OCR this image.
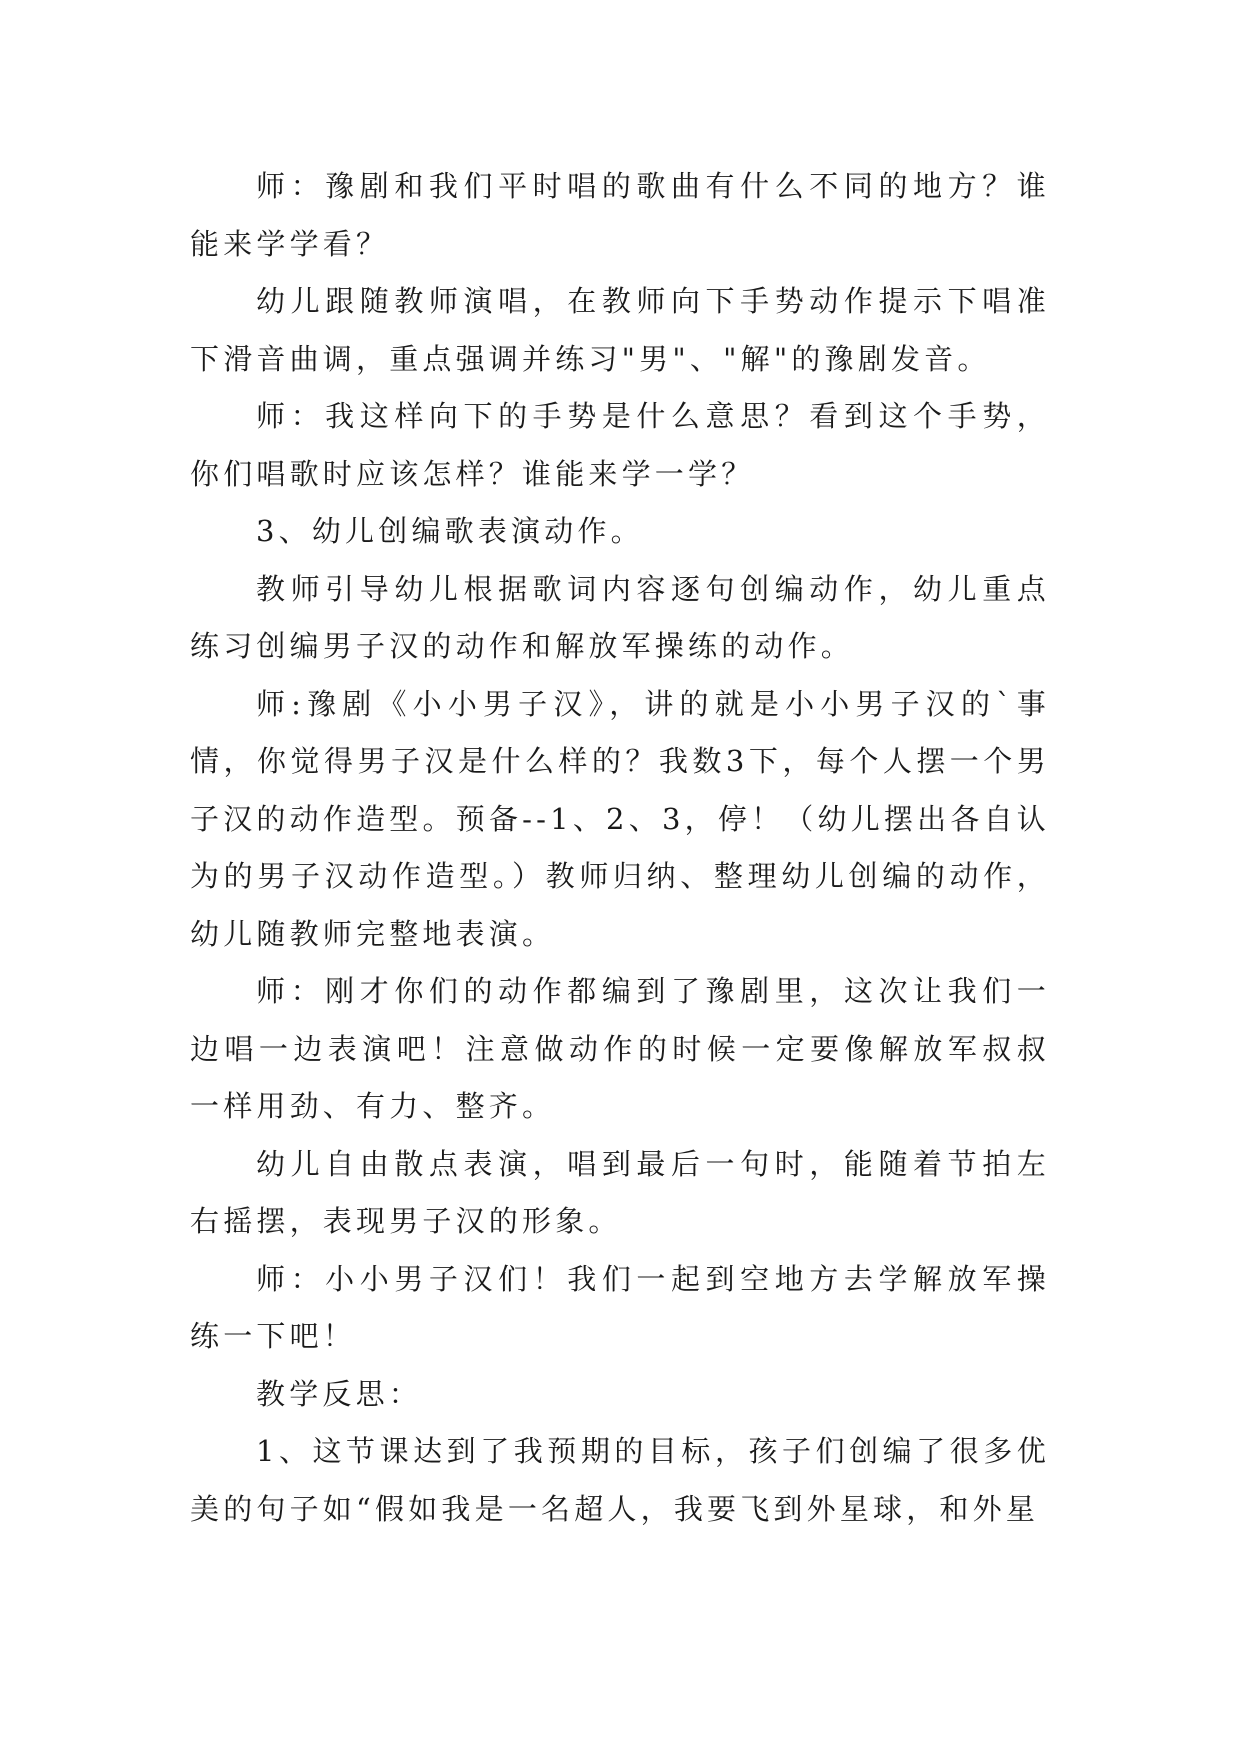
师：豫剧和我们平时唱的歌曲有什么不同的地方？谁能来学学看？

幼儿跟随教师演唱，在教师向下手势动作提示下唱准下滑音曲调，重点强调并练习"男"、"解"的豫剧发音。

师：我这样向下的手势是什么意思？看到这个手势，你们唱歌时应该怎样？谁能来学一学？

3、幼儿创编歌表演动作。

教师引导幼儿根据歌词内容逐句创编动作，幼儿重点练习创编男子汉的动作和解放军操练的动作。

师:豫剧《小小男子汉》，讲的就是小小男子汉的`事情，你觉得男子汉是什么样的？我数3下，每个人摆一个男子汉的动作造型。预备--1、2、3，停！（幼儿摆出各自认为的男子汉动作造型。）教师归纳、整理幼儿创编的动作，幼儿随教师完整地表演。

师：刚才你们的动作都编到了豫剧里，这次让我们一边唱一边表演吧！注意做动作的时候一定要像解放军叔叔一样用劲、有力、整齐。

幼儿自由散点表演，唱到最后一句时，能随着节拍左右摇摆，表现男子汉的形象。

师：小小男子汉们！我们一起到空地方去学解放军操练一下吧！

教学反思：

1、这节课达到了我预期的目标，孩子们创编了很多优美的句子如“假如我是一名超人，我要飞到外星球，和外星
